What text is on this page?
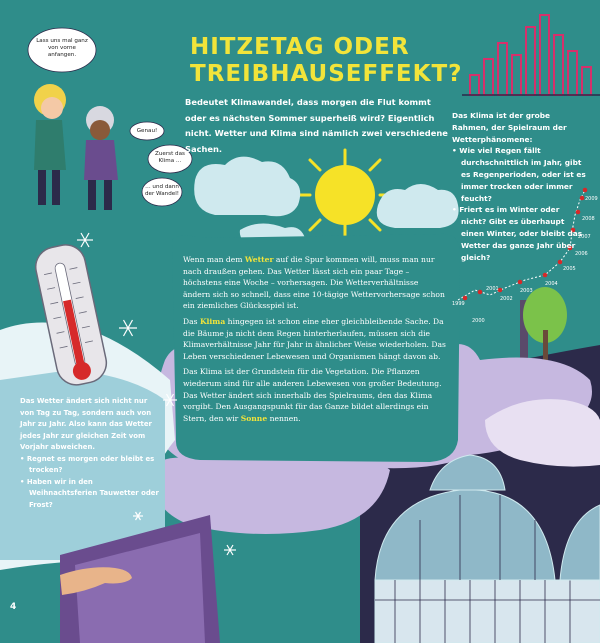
1999
2000
2001
2002
2003
2004
2005
2006
2007
2008
2009
HITZETAG ODER
TREIBHAUSEFFEKT?

Bedeutet Klimawandel, dass morgen die Flut kommt oder es nächsten Sommer superheiß wird? Eigentlich nicht. Wetter und Klima sind nämlich zwei verschiedene Sachen.

Lass uns mal ganz von vorne anfangen.
Genau!
Zuerst das Klima …
… und dann der Wandel!

Wenn man dem Wetter auf die Spur kommen will, muss man nur nach draußen gehen. Das Wetter lässt sich ein paar Tage – höchstens eine Woche – vorhersagen. Die Wetterverhältnisse ändern sich so schnell, dass eine 10-tägige Wettervorhersage schon ein ziemliches Glücksspiel ist.

Das Klima hingegen ist schon eine eher gleichbleibende Sache. Da die Bäume ja nicht dem Regen hinterherlaufen, müssen sich die Klimaverhältnisse Jahr für Jahr in ähnlicher Weise wiederholen. Das Leben verschiedener Lebewesen und Organismen hängt davon ab.

Das Klima ist der Grundstein für die Vegetation. Die Pflanzen wiederum sind für alle anderen Lebewesen von großer Bedeutung. Das Wetter ändert sich innerhalb des Spielraums, den das Klima vorgibt. Den Ausgangspunkt für das Ganze bildet allerdings ein Stern, den wir Sonne nennen.

Das Klima ist der grobe Rahmen, der Spielraum der Wetterphänomene:
• Wie viel Regen fällt durchschnittlich im Jahr, gibt es Regenperioden, oder ist es immer trocken oder immer feucht?
• Friert es im Winter oder nicht? Gibt es überhaupt einen Winter, oder bleibt das Wetter das ganze Jahr über gleich?
Das Wetter ändert sich nicht nur von Tag zu Tag, sondern auch von Jahr zu Jahr. Also kann das Wetter jedes Jahr zur gleichen Zeit vom Vorjahr abweichen.
• Regnet es morgen oder bleibt es trocken?
• Haben wir in den Weihnachtsferien Tauwetter oder Frost?
4
